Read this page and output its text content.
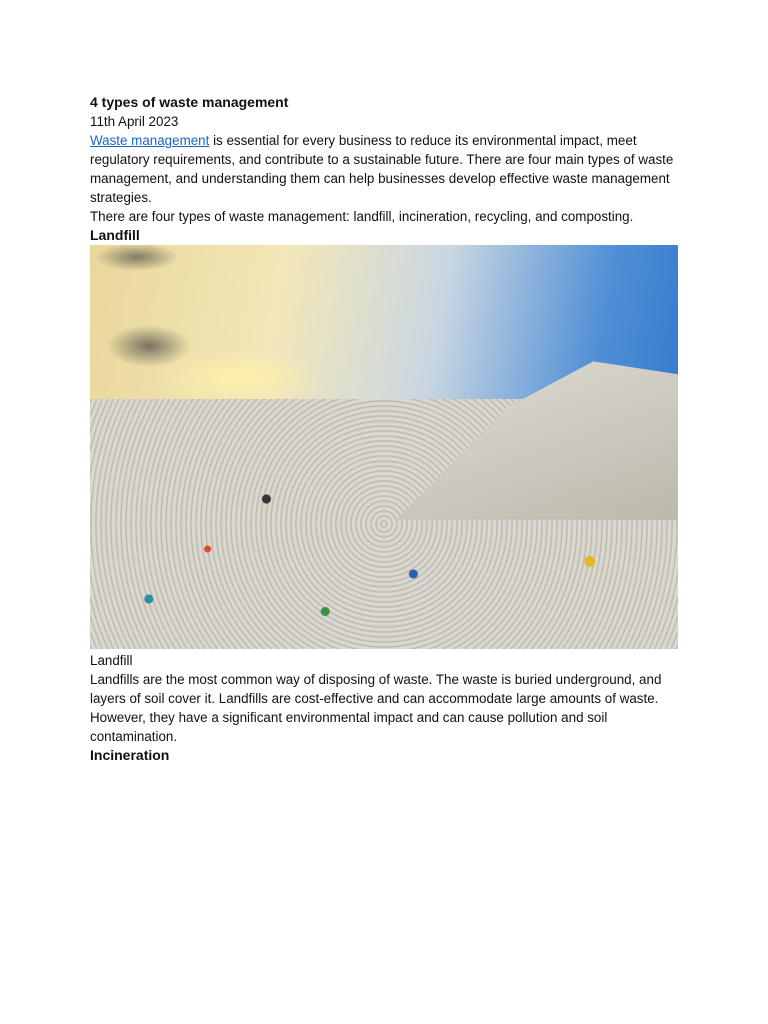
4 types of waste management

11th April 2023

Waste management is essential for every business to reduce its environmental impact, meet regulatory requirements, and contribute to a sustainable future. There are four main types of waste management, and understanding them can help businesses develop effective waste management strategies.

There are four types of waste management: landfill, incineration, recycling, and composting.

Landfill

Landfill

Landfills are the most common way of disposing of waste. The waste is buried underground, and layers of soil cover it. Landfills are cost-effective and can accommodate large amounts of waste. However, they have a significant environmental impact and can cause pollution and soil contamination.

Incineration
